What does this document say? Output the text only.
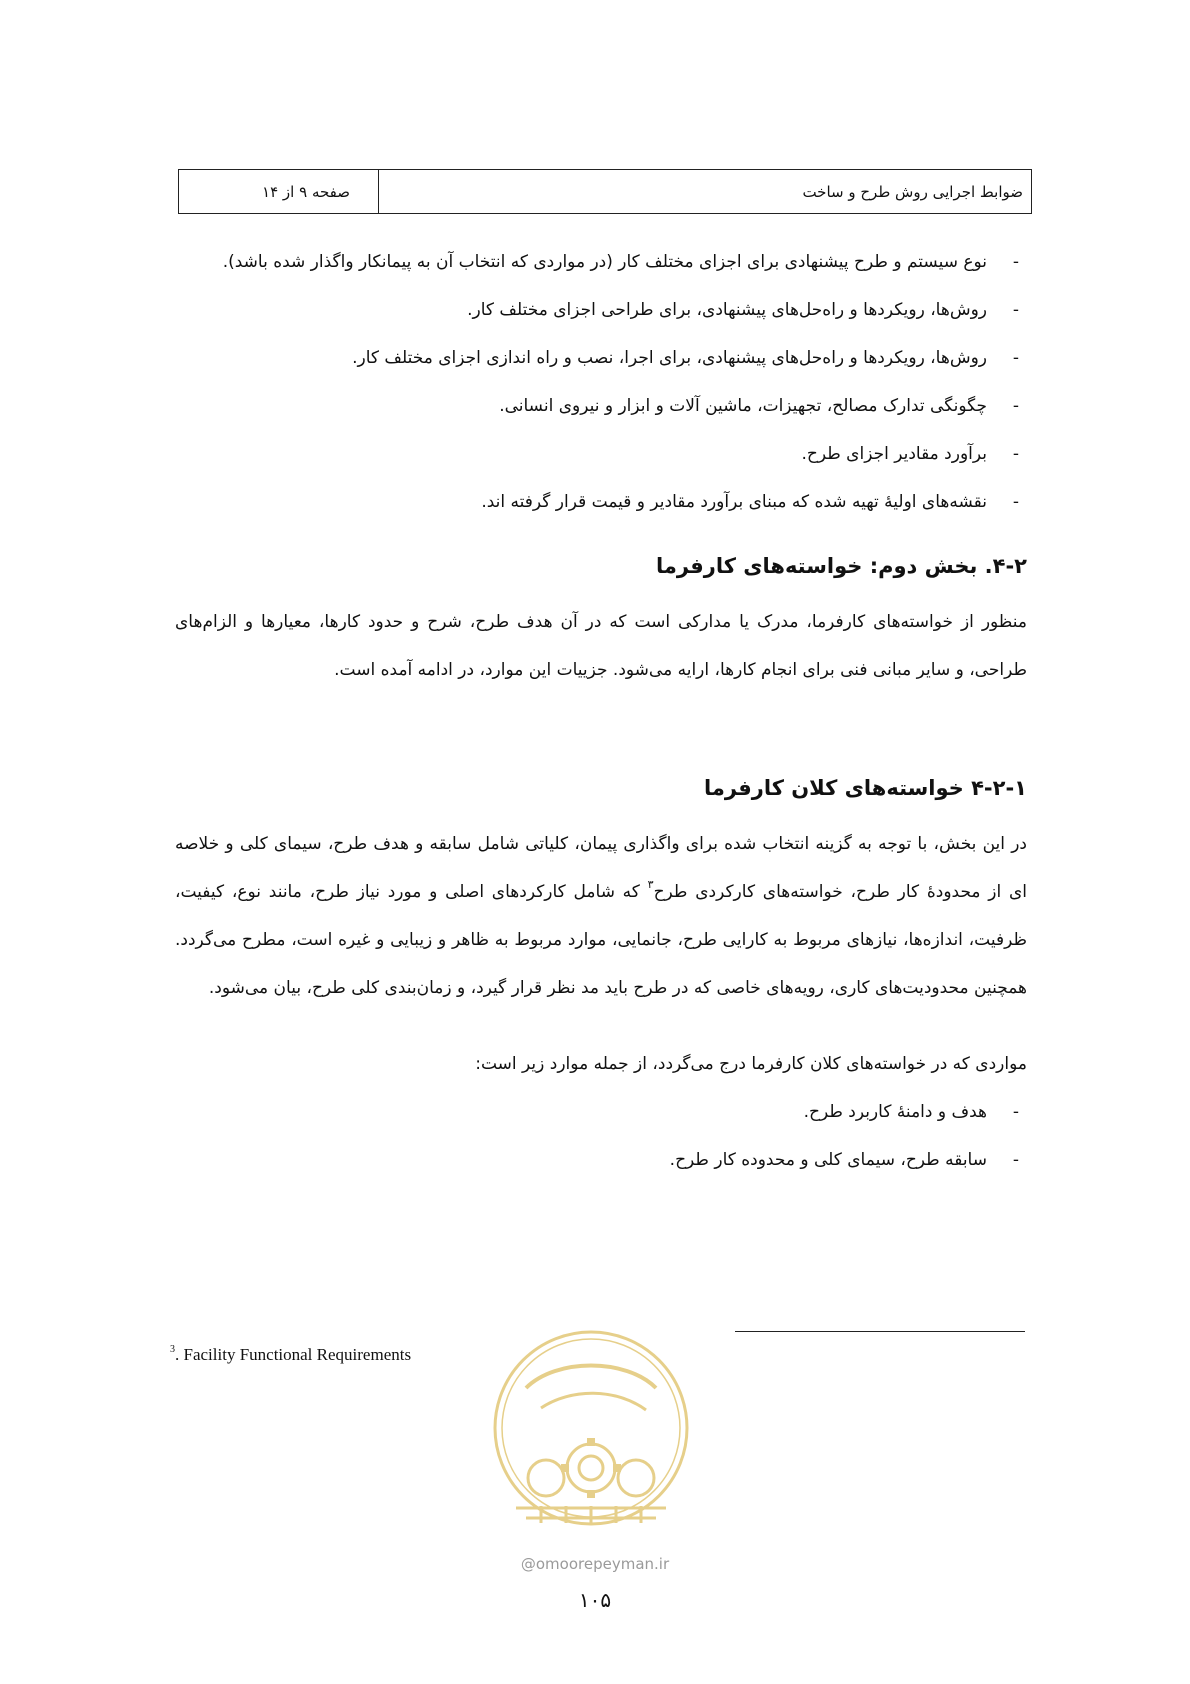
صفحه ۹ از ۱۴	ضوابط اجرایی روش طرح و ساخت
- نوع سیستم و طرح پیشنهادی برای اجزای مختلف کار (در مواردی که انتخاب آن به پیمانکار واگذار شده باشد).
- روش‌ها، رویکردها و راه‌حل‌های پیشنهادی، برای طراحی اجزای مختلف کار.
- روش‌ها، رویکردها و راه‌حل‌های پیشنهادی، برای اجرا، نصب و راه اندازی اجزای مختلف کار.
- چگونگی تدارک مصالح، تجهیزات، ماشین آلات و ابزار و نیروی انسانی.
- برآورد مقادیر اجزای طرح.
- نقشه‌های اولیهٔ تهیه شده که مبنای برآورد مقادیر و قیمت قرار گرفته اند.
۴-۲. بخش دوم: خواسته‌های کارفرما

منظور از خواسته‌های کارفرما، مدرک یا مدارکی است که در آن هدف طرح، شرح و حدود کارها، معیارها و الزام‌های طراحی، و سایر مبانی فنی برای انجام کارها، ارایه می‌شود. جزییات این موارد، در ادامه آمده است.

۴-۲-۱ خواسته‌های کلان کارفرما

در این بخش، با توجه به گزینه انتخاب شده برای واگذاری پیمان، کلیاتی شامل سابقه و هدف طرح، سیمای کلی و خلاصه ای از محدودهٔ کار طرح، خواسته‌های کارکردی طرح$^۳$ که شامل کارکردهای اصلی و مورد نیاز طرح، مانند نوع، کیفیت، ظرفیت، اندازه‌ها، نیازهای مربوط به کارایی طرح، جانمایی، موارد مربوط به ظاهر و زیبایی و غیره است، مطرح می‌گردد. همچنین محدودیت‌های کاری، رویه‌های خاصی که در طرح باید مد نظر قرار گیرد، و زمان‌بندی کلی طرح، بیان می‌شود.

مواردی که در خواسته‌های کلان کارفرما درج می‌گردد، از جمله موارد زیر است:

- هدف و دامنهٔ کاربرد طرح.
- سابقه طرح، سیمای کلی و محدوده کار طرح.
$^3$. Facility Functional Requirements
@omoorepeyman.ir
۱۰۵
